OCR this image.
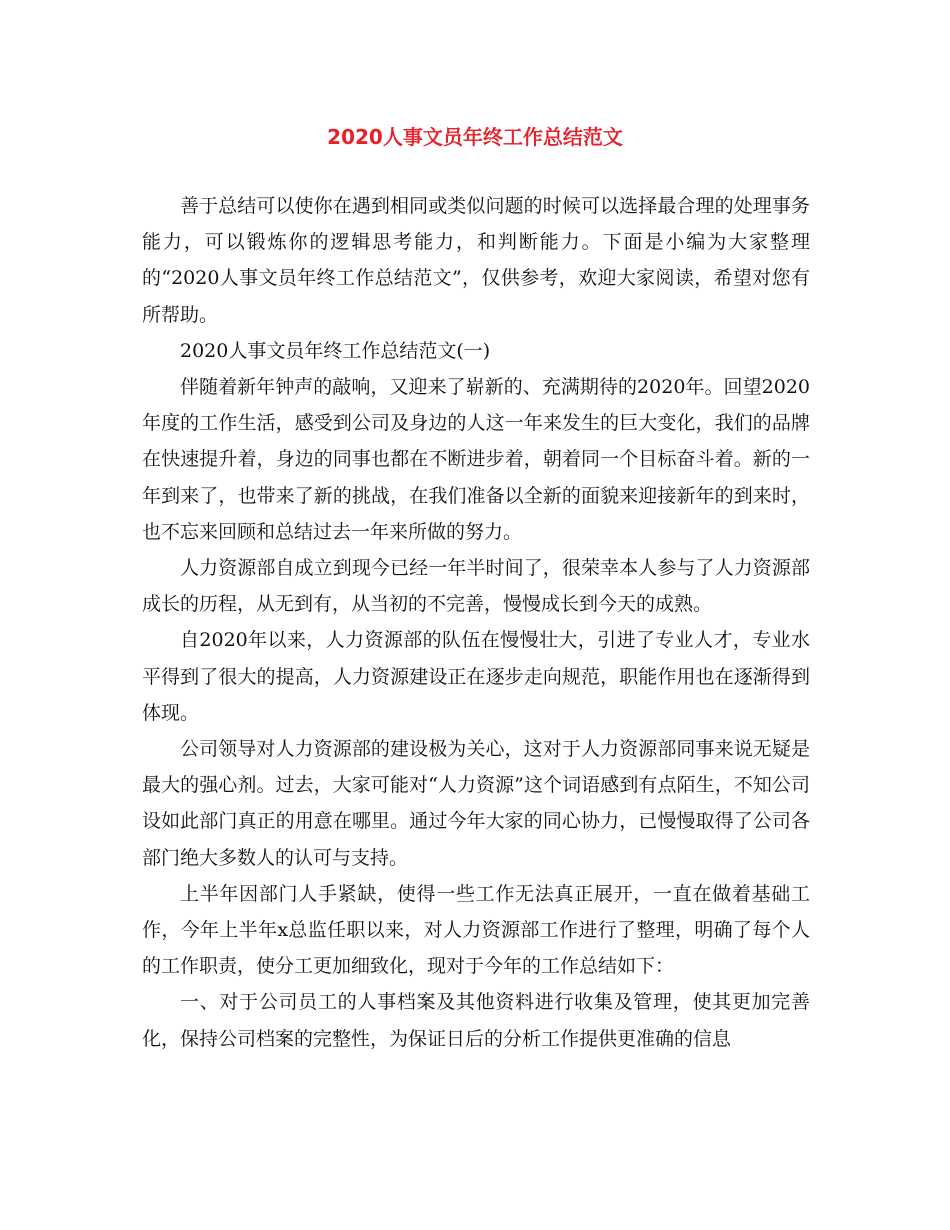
2020人事文员年终工作总结范文

善于总结可以使你在遇到相同或类似问题的时候可以选择最合理的处理事务能力，可以锻炼你的逻辑思考能力，和判断能力。下面是小编为大家整理的“2020人事文员年终工作总结范文”，仅供参考，欢迎大家阅读，希望对您有所帮助。

2020人事文员年终工作总结范文(一)

伴随着新年钟声的敲响，又迎来了崭新的、充满期待的2020年。回望2020年度的工作生活，感受到公司及身边的人这一年来发生的巨大变化，我们的品牌在快速提升着，身边的同事也都在不断进步着，朝着同一个目标奋斗着。新的一年到来了，也带来了新的挑战，在我们准备以全新的面貌来迎接新年的到来时，也不忘来回顾和总结过去一年来所做的努力。

人力资源部自成立到现今已经一年半时间了，很荣幸本人参与了人力资源部成长的历程，从无到有，从当初的不完善，慢慢成长到今天的成熟。

自2020年以来，人力资源部的队伍在慢慢壮大，引进了专业人才，专业水平得到了很大的提高，人力资源建设正在逐步走向规范，职能作用也在逐渐得到体现。

公司领导对人力资源部的建设极为关心，这对于人力资源部同事来说无疑是最大的强心剂。过去，大家可能对“人力资源”这个词语感到有点陌生，不知公司设如此部门真正的用意在哪里。通过今年大家的同心协力，已慢慢取得了公司各部门绝大多数人的认可与支持。

上半年因部门人手紧缺，使得一些工作无法真正展开，一直在做着基础工作，今年上半年x总监任职以来，对人力资源部工作进行了整理，明确了每个人的工作职责，使分工更加细致化，现对于今年的工作总结如下：

一、对于公司员工的人事档案及其他资料进行收集及管理，使其更加完善化，保持公司档案的完整性，为保证日后的分析工作提供更准确的信息
